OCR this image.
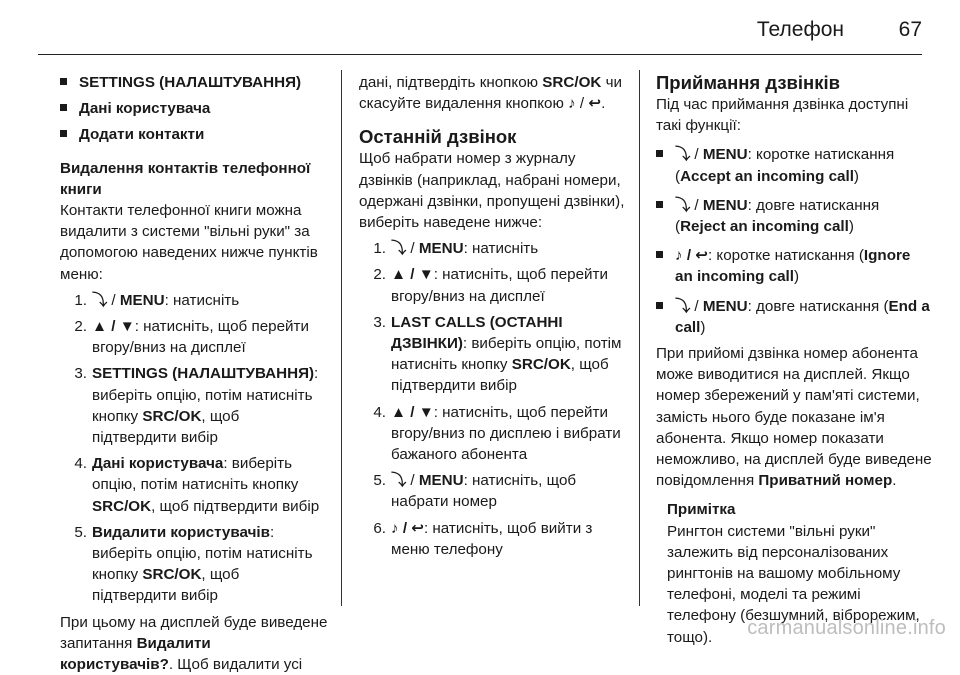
Телефон	67
SETTINGS (НАЛАШТУВАННЯ)
Дані користувача
Додати контакти
Видалення контактів телефонної книги
Контакти телефонної книги можна видалити з системи "вільні руки" за допомогою наведених нижче пунктів меню:
1. ⤵ / MENU: натисніть
2. ▲ / ▼: натисніть, щоб перейти вгору/вниз на дисплеї
3. SETTINGS (НАЛАШТУВАННЯ): виберіть опцію, потім натисніть кнопку SRC/OK, щоб підтвердити вибір
4. Дані користувача: виберіть опцію, потім натисніть кнопку SRC/OK, щоб підтвердити вибір
5. Видалити користувачів: виберіть опцію, потім натисніть кнопку SRC/OK, щоб підтвердити вибір
При цьому на дисплей буде виведене запитання Видалити користувачів?. Щоб видалити усі
дані, підтвердіть кнопкою SRC/OK чи скасуйте видалення кнопкою ♪ / ↩.
Останній дзвінок
Щоб набрати номер з журналу дзвінків (наприклад, набрані номери, одержані дзвінки, пропущені дзвінки), виберіть наведене нижче:
1. ⤵ / MENU: натисніть
2. ▲ / ▼: натисніть, щоб перейти вгору/вниз на дисплеї
3. LAST CALLS (ОСТАННІ ДЗВІНКИ): виберіть опцію, потім натисніть кнопку SRC/OK, щоб підтвердити вибір
4. ▲ / ▼: натисніть, щоб перейти вгору/вниз по дисплею і вибрати бажаного абонента
5. ⤵ / MENU: натисніть, щоб набрати номер
6. ♪ / ↩: натисніть, щоб вийти з меню телефону
Приймання дзвінків
Під час приймання дзвінка доступні такі функції:
⤵ / MENU: коротке натискання (Accept an incoming call)
⤵ / MENU: довге натискання (Reject an incoming call)
♪ / ↩: коротке натискання (Ignore an incoming call)
⤵ / MENU: довге натискання (End a call)
При прийомі дзвінка номер абонента може виводитися на дисплей. Якщо номер збережений у пам'яті системи, замість нього буде показане ім'я абонента. Якщо номер показати неможливо, на дисплей буде виведене повідомлення Приватний номер.
Примітка
Рингтон системи "вільні руки" залежить від персоналізованих рингтонів на вашому мобільному телефоні, моделі та режимі телефону (безшумний, віброрежим, тощо).	carmanualsonline.info
